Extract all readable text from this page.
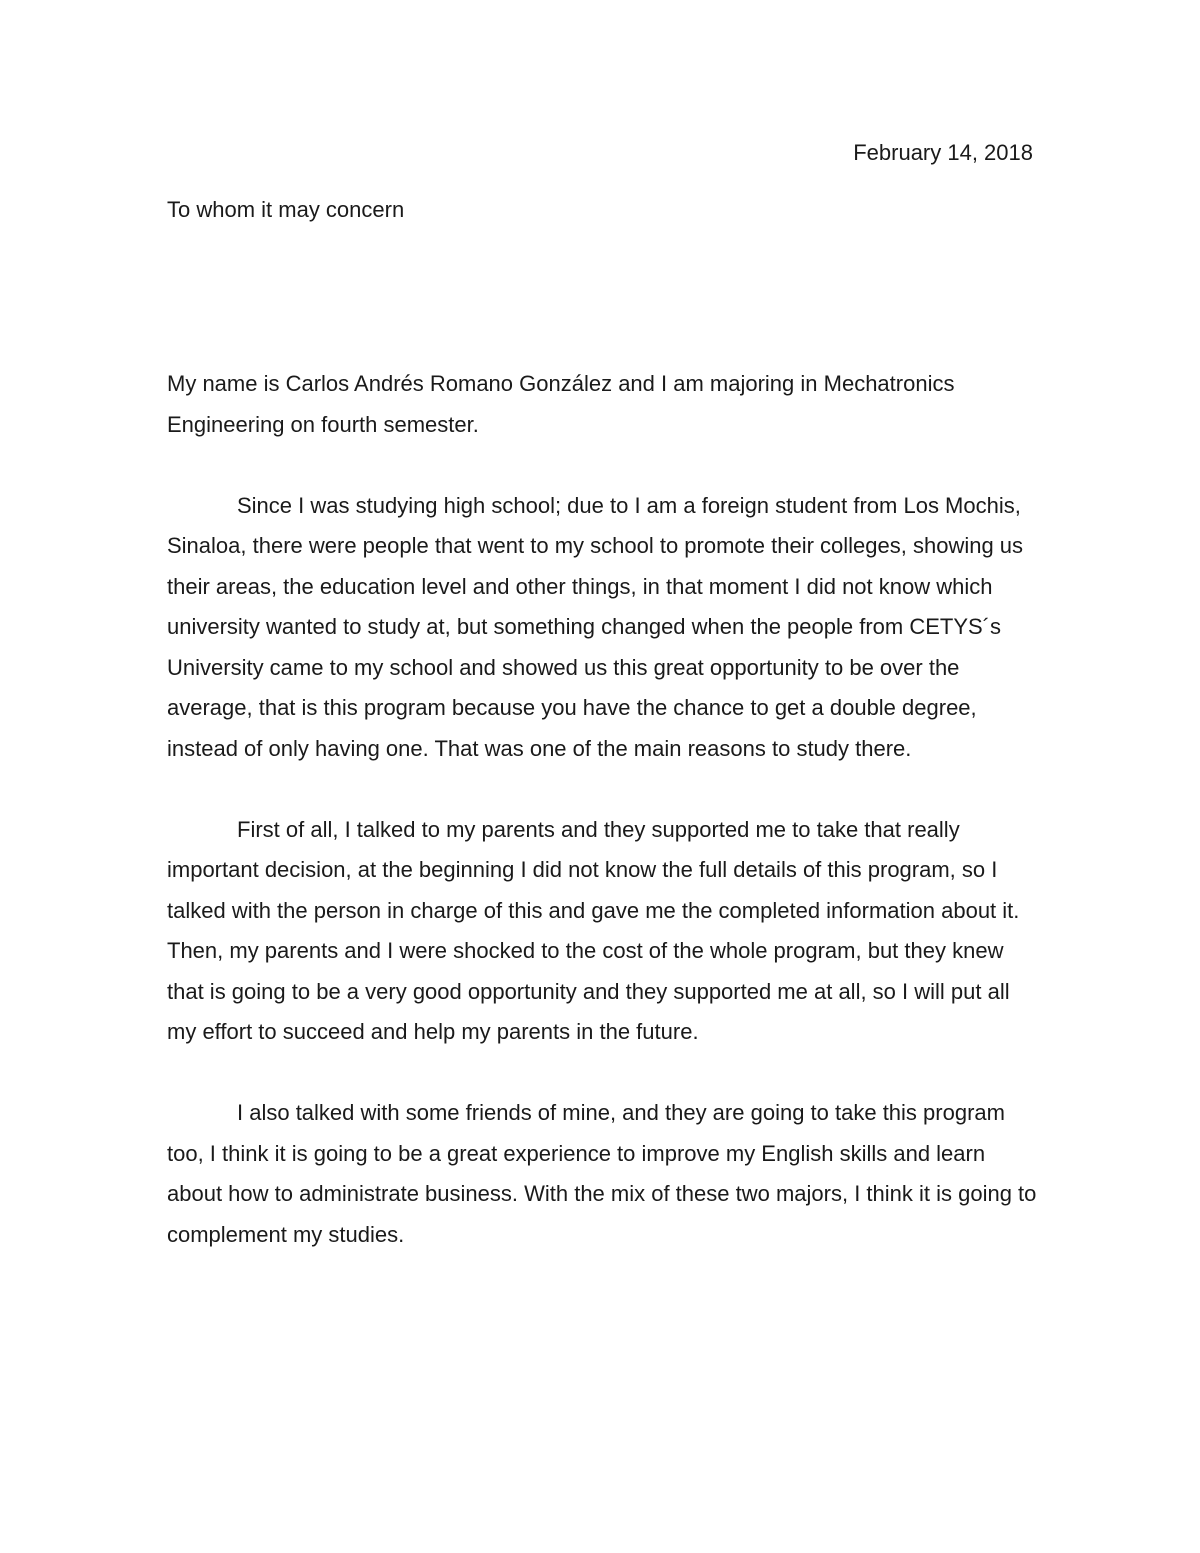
February 14, 2018

To whom it may concern

My name is Carlos Andrés Romano González and I am majoring in Mechatronics Engineering on fourth semester.

Since I was studying high school; due to I am a foreign student from Los Mochis, Sinaloa, there were people that went to my school to promote their colleges, showing us their areas, the education level and other things, in that moment I did not know which university wanted to study at, but something changed when the people from CETYS´s University came to my school and showed us this great opportunity to be over the average, that is this program because you have the chance to get a double degree, instead of only having one. That was one of the main reasons to study there.

First of all, I talked to my parents and they supported me to take that really important decision, at the beginning I did not know the full details of this program, so I talked with the person in charge of this and gave me the completed information about it. Then, my parents and I were shocked to the cost of the whole program, but they knew that is going to be a very good opportunity and they supported me at all, so I will put all my effort to succeed and help my parents in the future.

I also talked with some friends of mine, and they are going to take this program too, I think it is going to be a great experience to improve my English skills and learn about how to administrate business. With the mix of these two majors, I think it is going to complement my studies.
